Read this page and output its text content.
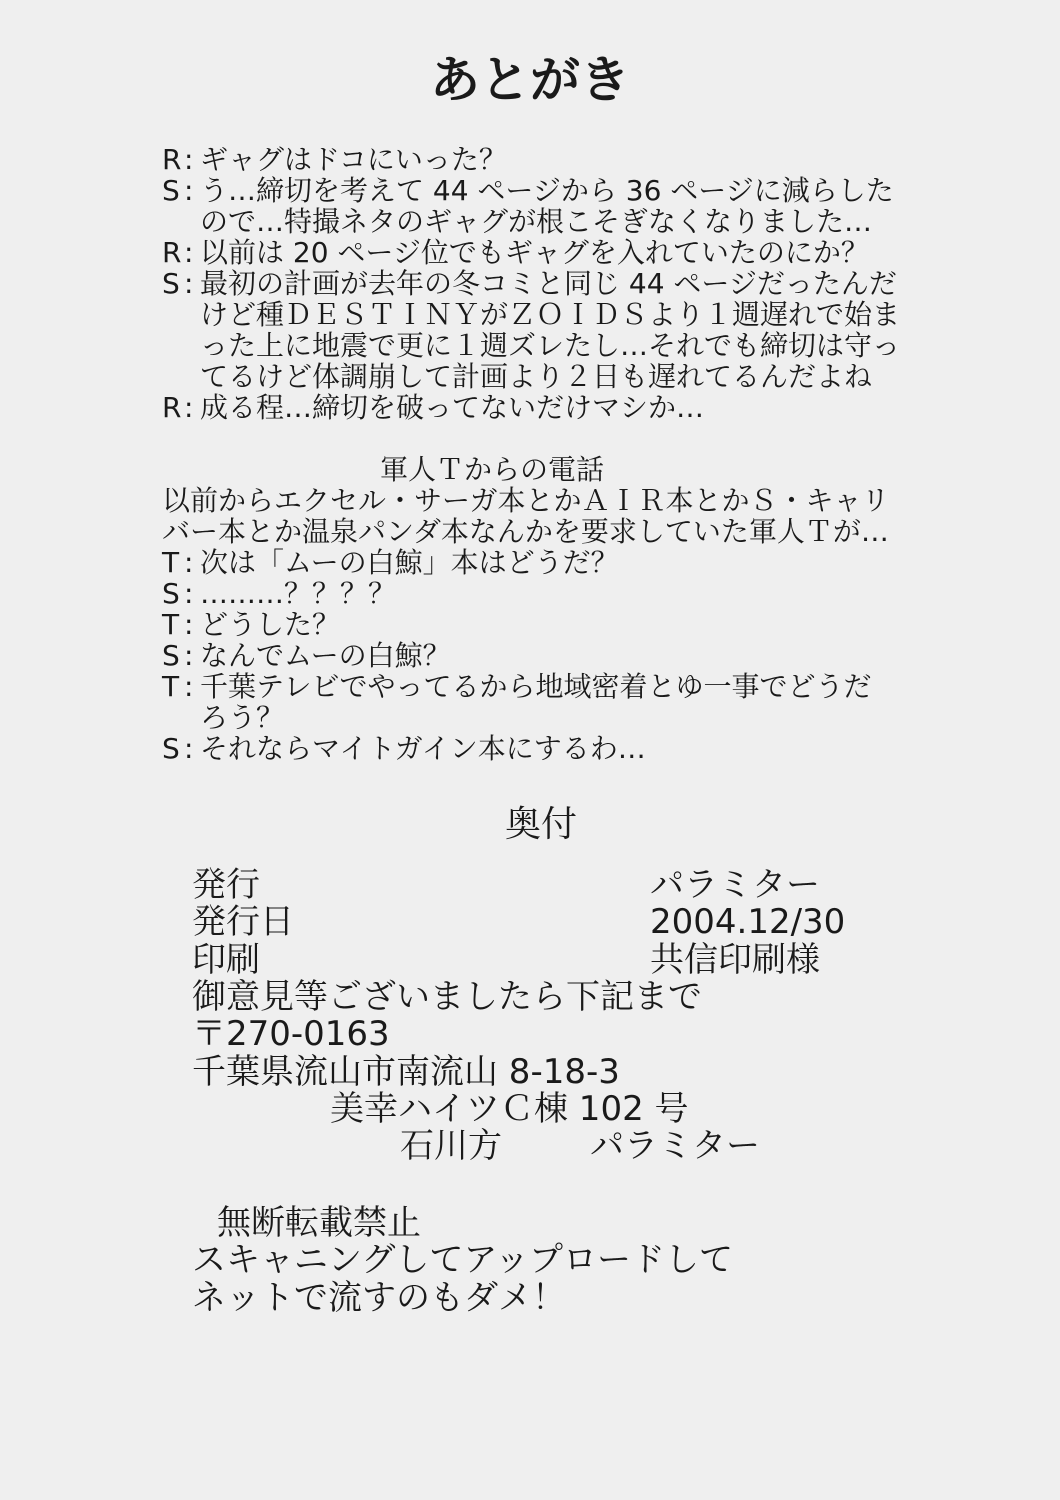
あとがき
R: ギャグはドコにいった？
S : う…締切を考えて 44 ページから 36 ページに減らした
ので…特撮ネタのギャグが根こそぎなくなりました…
R: 以前は 20 ページ位でもギャグを入れていたのにか？
S : 最初の計画が去年の冬コミと同じ 44 ページだったんだ
けど種ＤＥＳＴＩＮＹがＺＯＩＤＳより１週遅れで始ま
った上に地震で更に１週ズレたし…それでも締切は守っ
てるけど体調崩して計画より２日も遅れてるんだよね
R: 成る程…締切を破ってないだけマシか…
軍人Ｔからの電話
以前からエクセル・サーガ本とかＡＩＲ本とかＳ・キャリ
バー本とか温泉パンダ本なんかを要求していた軍人Ｔが…
T : 次は「ムーの白鯨」本はどうだ？
S : ………？？？？
T : どうした？
S : なんでムーの白鯨？
T : 千葉テレビでやってるから地域密着とゆ一事でどうだ
ろう？
S : それならマイトガイン本にするわ…
奥付
発行	パラミター
発行日	2004.12/30
印刷	共信印刷様
御意見等ございましたら下記まで
〒270-0163
千葉県流山市南流山 8-18-3
美幸ハイツＣ棟 102 号
石川方	パラミター
無断転載禁止
スキャニングしてアップロードして
ネットで流すのもダメ！
